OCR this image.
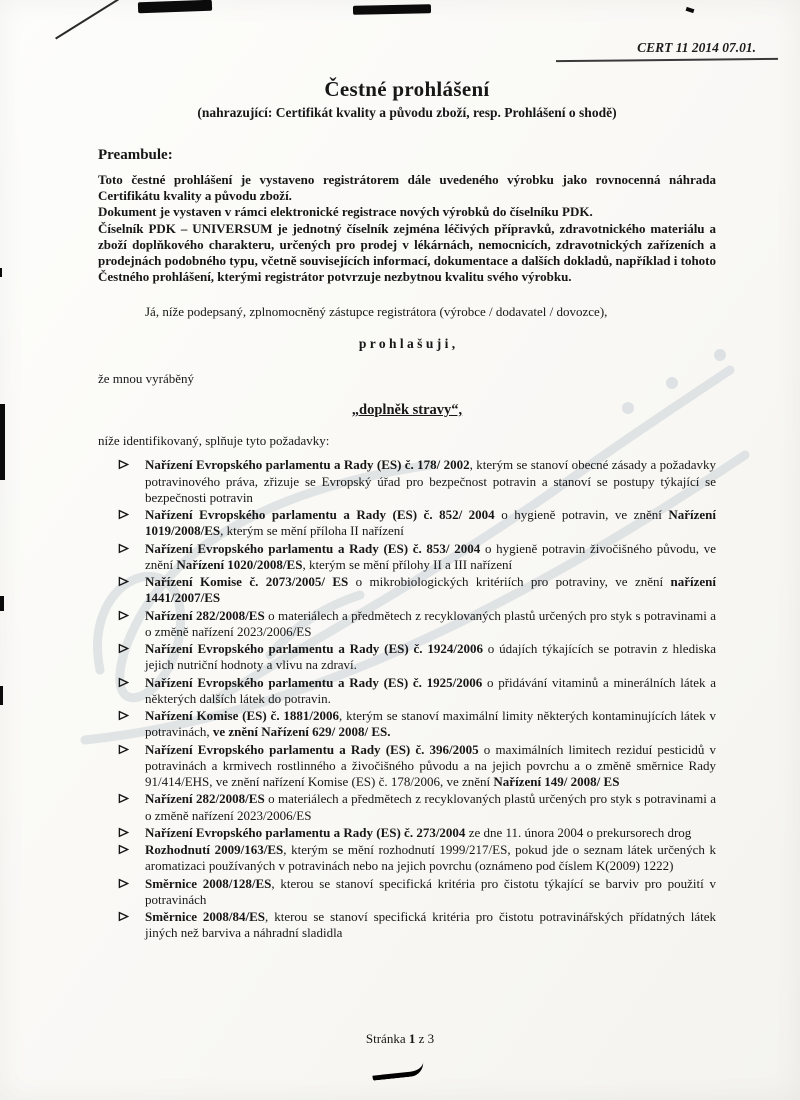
CERT 11 2014 07.01.
Čestné prohlášení
(nahrazující: Certifikát kvality a původu zboží, resp. Prohlášení o shodě)
Preambule:

Toto čestné prohlášení je vystaveno registrátorem dále uvedeného výrobku jako rovnocenná náhrada Certifikátu kvality a původu zboží.

Dokument je vystaven v rámci elektronické registrace nových výrobků do číselníku PDK.

Číselník PDK – UNIVERSUM je jednotný číselník zejména léčivých přípravků, zdravotnického materiálu a zboží doplňkového charakteru, určených pro prodej v lékárnách, nemocnicích, zdravotnických zařízeních a prodejnách podobného typu, včetně souvisejících informací, dokumentace a dalších dokladů, například i tohoto Čestného prohlášení, kterými registrátor potvrzuje nezbytnou kvalitu svého výrobku.

Já, níže podepsaný, zplnomocněný zástupce registrátora (výrobce / dodavatel / dovozce),
p r o h l a š u j i ,
že mnou vyráběný
„doplněk stravy“,
níže identifikovaný, splňuje tyto požadavky:
Nařízení Evropského parlamentu a Rady (ES) č. 178/ 2002, kterým se stanoví obecné zásady a požadavky potravinového práva, zřizuje se Evropský úřad pro bezpečnost potravin a stanoví se postupy týkající se bezpečnosti potravin
Nařízení Evropského parlamentu a Rady (ES) č. 852/ 2004 o hygieně potravin, ve znění Nařízení 1019/2008/ES, kterým se mění příloha II nařízení
Nařízení Evropského parlamentu a Rady (ES) č. 853/ 2004 o hygieně potravin živočišného původu, ve znění Nařízení 1020/2008/ES, kterým se mění přílohy II a III nařízení
Nařízení Komise č. 2073/2005/ ES o mikrobiologických kritériích pro potraviny, ve znění nařízení 1441/2007/ES
Nařízení 282/2008/ES o materiálech a předmětech z recyklovaných plastů určených pro styk s potravinami a o změně nařízení 2023/2006/ES
Nařízení Evropského parlamentu a Rady (ES) č. 1924/2006 o údajích týkajících se potravin z hlediska jejich nutriční hodnoty a vlivu na zdraví.
Nařízení Evropského parlamentu a Rady (ES) č. 1925/2006 o přidávání vitaminů a minerálních látek a některých dalších látek do potravin.
Nařízení Komise (ES) č. 1881/2006, kterým se stanoví maximální limity některých kontaminujících látek v potravinách, ve znění Nařízení 629/ 2008/ ES.
Nařízení Evropského parlamentu a Rady (ES) č. 396/2005 o maximálních limitech reziduí pesticidů v potravinách a krmivech rostlinného a živočišného původu a na jejich povrchu a o změně směrnice Rady 91/414/EHS, ve znění nařízení Komise (ES) č. 178/2006, ve znění Nařízení 149/ 2008/ ES
Nařízení 282/2008/ES o materiálech a předmětech z recyklovaných plastů určených pro styk s potravinami a o změně nařízení 2023/2006/ES
Nařízení Evropského parlamentu a Rady (ES) č. 273/2004 ze dne 11. února 2004 o prekursorech drog
Rozhodnutí 2009/163/ES, kterým se mění rozhodnutí 1999/217/ES, pokud jde o seznam látek určených k aromatizaci používaných v potravinách nebo na jejich povrchu (oznámeno pod číslem K(2009) 1222)
Směrnice 2008/128/ES, kterou se stanoví specifická kritéria pro čistotu týkající se barviv pro použití v potravinách
Směrnice 2008/84/ES, kterou se stanoví specifická kritéria pro čistotu potravinářských přídatných látek jiných než barviva a náhradní sladidla
Stránka 1 z 3
